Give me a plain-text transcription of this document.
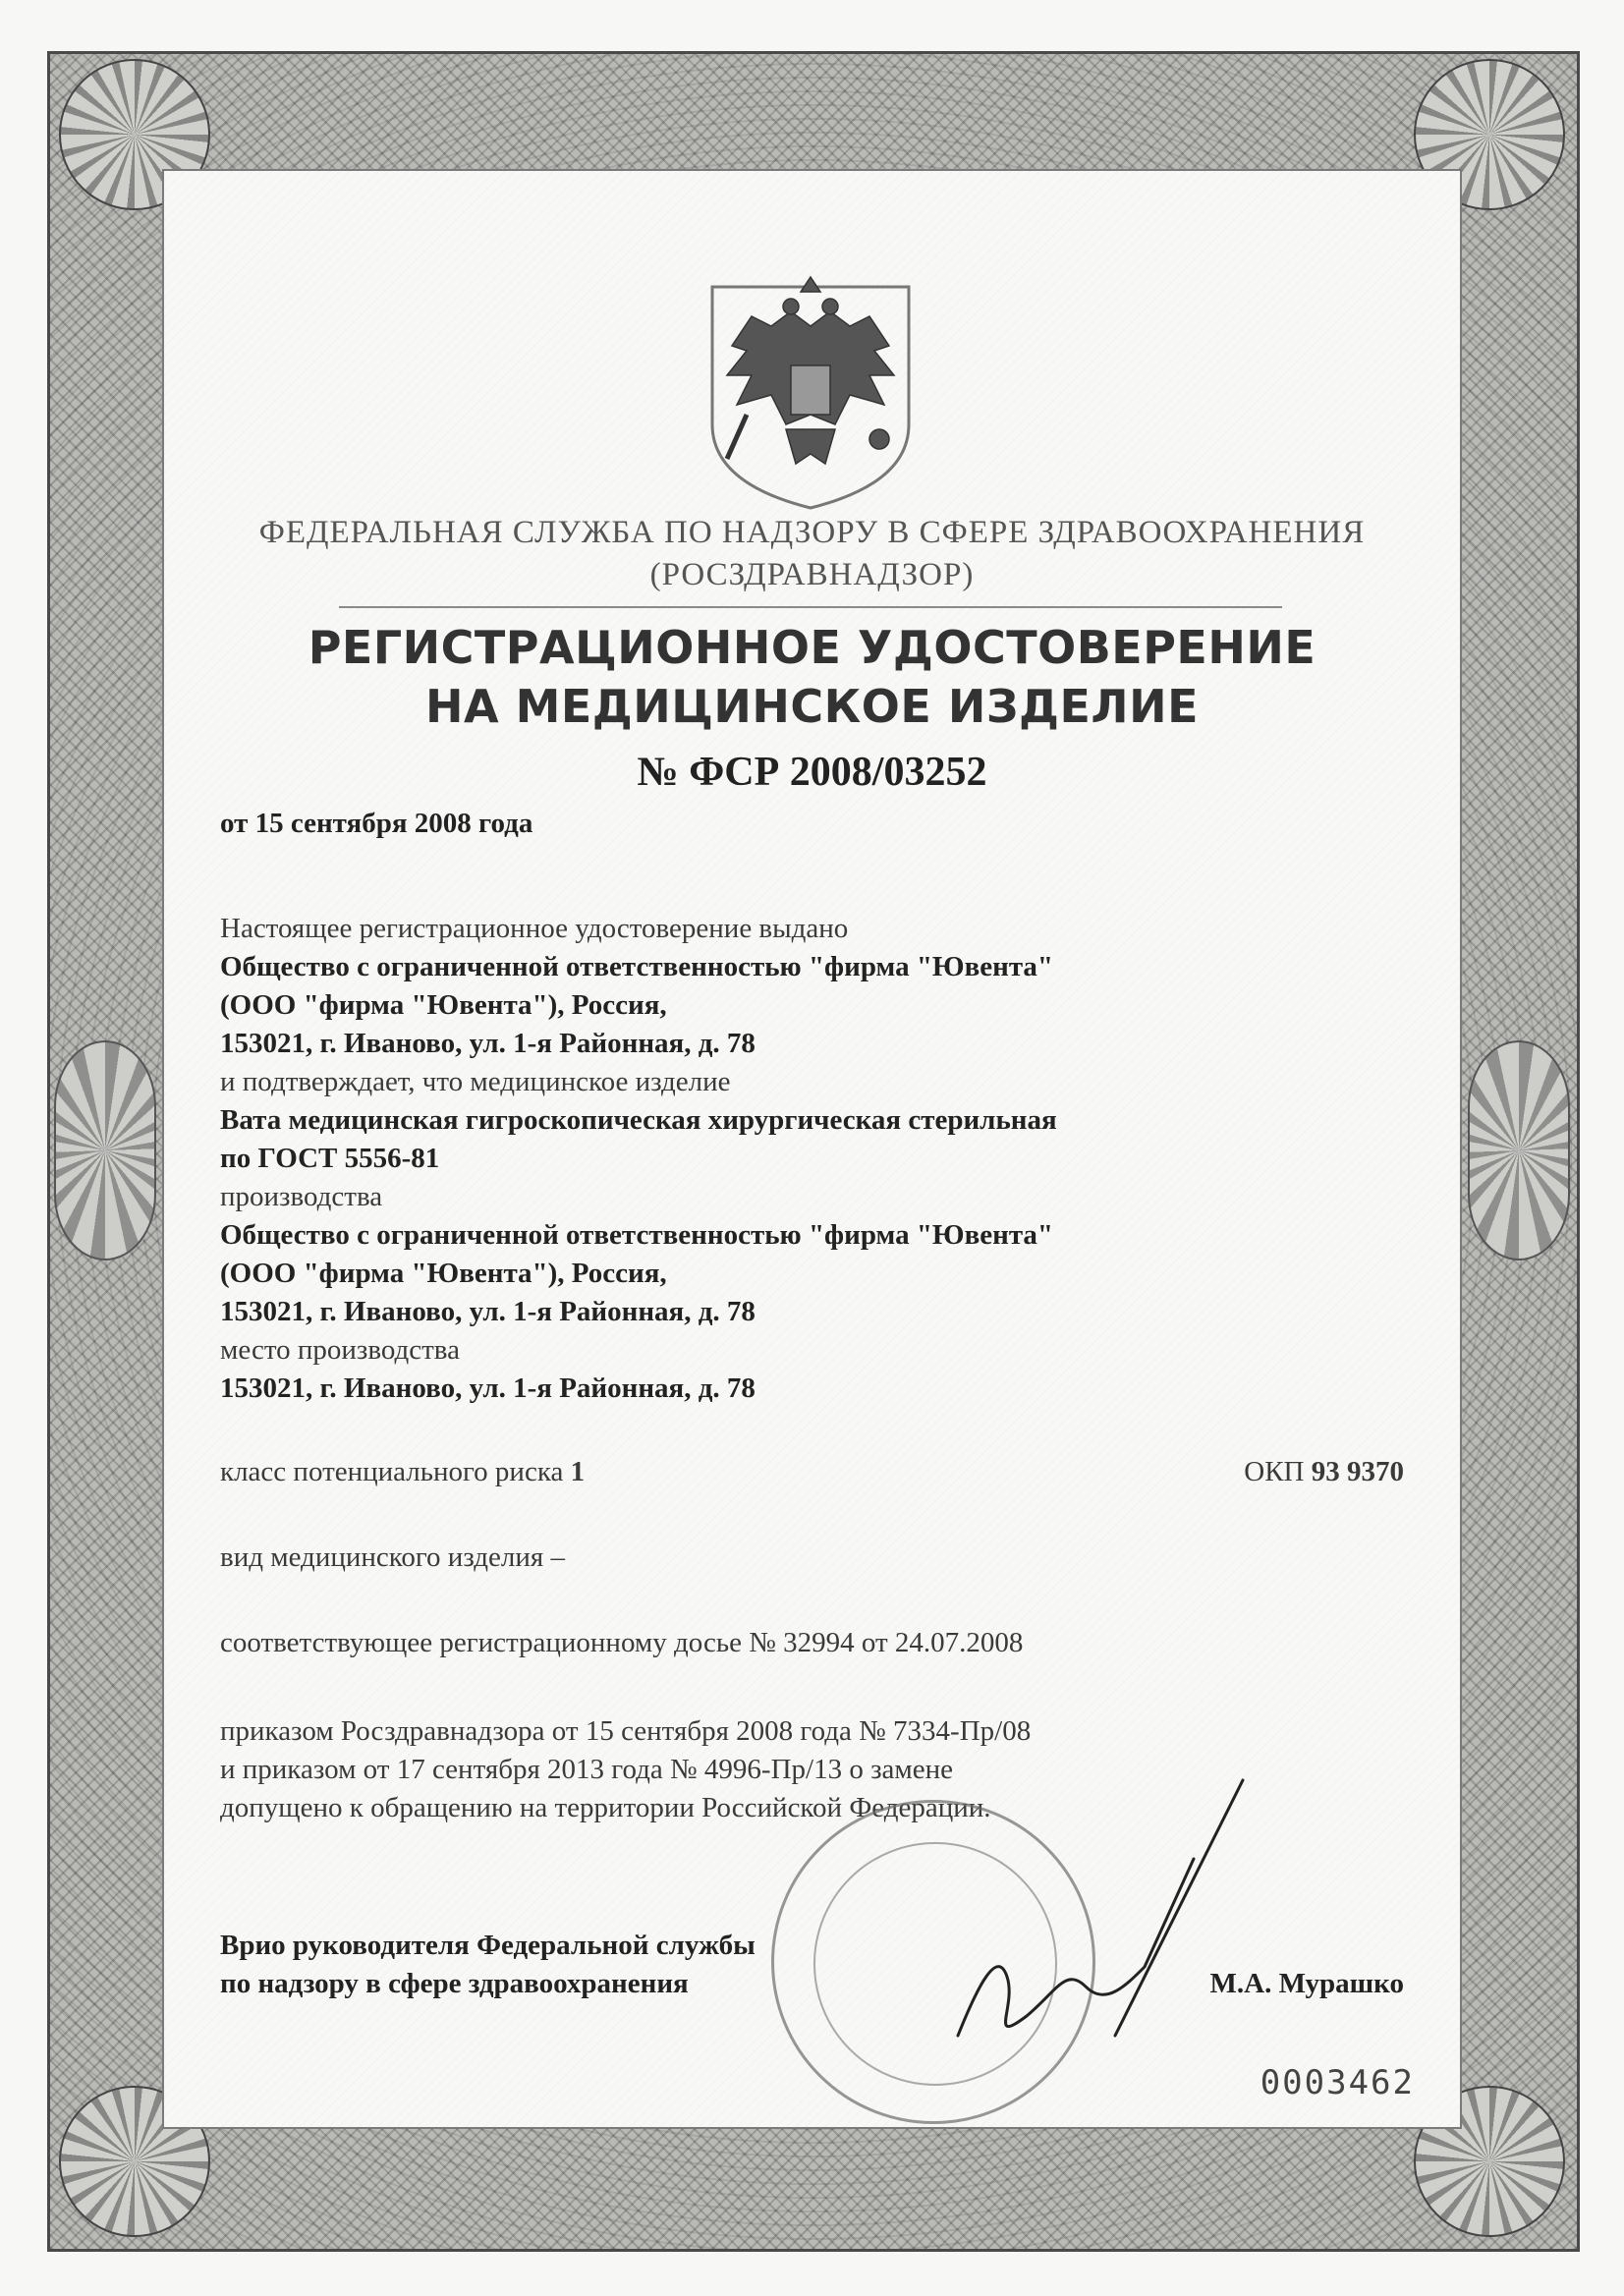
ФЕДЕРАЛЬНАЯ СЛУЖБА ПО НАДЗОРУ В СФЕРЕ ЗДРАВООХРАНЕНИЯ
(РОСЗДРАВНАДЗОР)
РЕГИСТРАЦИОННОЕ УДОСТОВЕРЕНИЕ
НА МЕДИЦИНСКОЕ ИЗДЕЛИЕ
№ ФСР 2008/03252
от 15 сентября 2008 года
Настоящее регистрационное удостоверение выдано
Общество с ограниченной ответственностью "фирма "Ювента"
(ООО "фирма "Ювента"), Россия,
153021, г. Иваново, ул. 1-я Районная, д. 78
и подтверждает, что медицинское изделие
Вата медицинская гигроскопическая хирургическая стерильная
по ГОСТ 5556-81
производства
Общество с ограниченной ответственностью "фирма "Ювента"
(ООО "фирма "Ювента"), Россия,
153021, г. Иваново, ул. 1-я Районная, д. 78
место производства
153021, г. Иваново, ул. 1-я Районная, д. 78
класс потенциального риска 1	ОКП 93 9370
вид медицинского изделия –
соответствующее регистрационному досье № 32994 от 24.07.2008
приказом Росздравнадзора от 15 сентября 2008 года № 7334-Пр/08
и приказом от 17 сентября 2013 года № 4996-Пр/13 о замене
допущено к обращению на территории Российской Федерации.
Врио руководителя Федеральной службы
по надзору в сфере здравоохранения	М.А. Мурашко
0003462
